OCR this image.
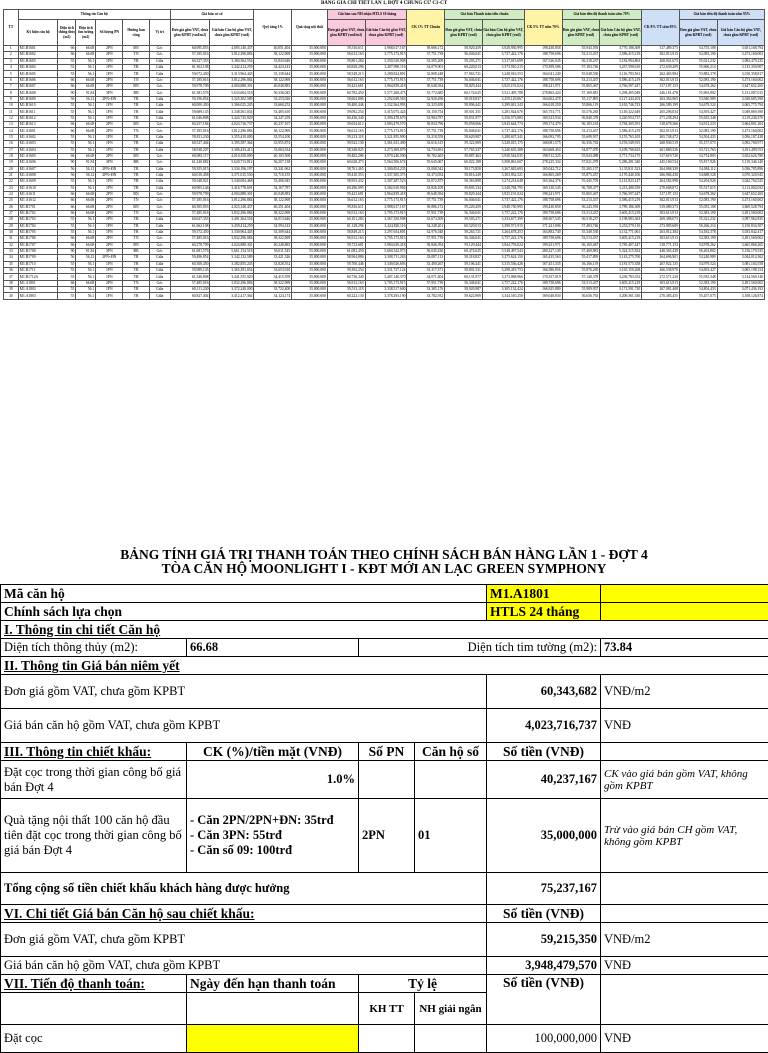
BẢNG GIÁ CHI TIẾT LẦN 1, ĐỢT 4 CHUNG CƯ C1-CT
TT	Thông tin Căn hộ						Giá bán cơ sở		Quỹ tăng 1%	Quà tặng nội thất	Giá bán sau NH nhận HTLS 18 tháng		CK 1% TT Chuẩn	Giá bán Thanh toán tiêu chuẩn		CK 5% TT sớm 70%	Giá bán tiền độ thanh toán sớm 70%		CK 8% TT sớm 95%	Giá bán tiền độ thanh toán sớm 95%	
	Ký hiệu căn hộ	Diện tích thông thủy (m2)	Diện tích tim tường (m2)	Số lượng PN	Hướng ban công	Vị trí	Đơn giá gồm VAT, chưa gồm KPBT (vnđ/m2)	Giá bán Căn hộ gồm VAT, chưa gồm KPBT (vnđ)			Đơn giá gồm VAT, chưa gồm KPBT (vnđ/m2)	Giá bán Căn hộ gồm VAT, chưa gồm KPBT (vnđ)		Đơn giá gồm VAT, chưa gồm KPBT (vnđ)	Giá bán Căn hộ gồm VAT, chưa gồm KPBT (vnđ)		Đơn giá gồm VAT, chưa gồm KPBT (vnđ)	Giá bán Căn hộ gồm VAT, chưa gồm KPBT (vnđ)		Đơn giá gồm VAT, chưa gồm KPBT (vnđ)	Giá bán Căn hộ gồm VAT, chưa gồm KPBT (vnđ)
1	M1.B1601	66	66.68	2PN	ĐN	Góc	60,095,053	4,005,140,437	40,051,404	35,000,000	59,516,611	3,968,617,167	39,686,172	58,920,459	3,928,930,995	198,430,858	55,943,593	3,770,186,309	317,489,373	54,755,108	3,651,168,794
2	M1.B1602	66	66.68	2PN	TN	Góc	57,185,016	3,812,296,884	38,122,969	35,000,000	56,612,163	3,775,173,915	37,751,739	56,046,041	3,737,422,176	188,758,696	53,213,437	3,586,415,219	302,013,913	52,083,190	3,473,160,002
3	M1.B1603	55	56.1	1PN	TB	Giữa	60,327,353	3,384,364,554	33,843,646	35,000,000	59,801,284	3,350,520,908	33,505,209	59,203,271	3,317,015,699	167,526,045	56,218,237	3,182,994,863	268,041,673	55,021,232	3,082,479,235
4	M1.B1604	55	56.1	1PN	TB	Giữa	61,362,108	3,442,414,259	34,424,143	35,000,000	60,828,296	3,407,990,116	34,079,901	60,220,013	3,373,910,215	170,399,506	57,183,746	3,237,590,610	272,639,209	55,966,214	3,135,350,907
5	M1.B1605	55	56.1	1PN	TB	Giữa	59,072,450	3,313,964,445	33,139,644	35,000,000	58,549,213	3,280,824,801	32,808,248	57,963,721	3,248,016,553	164,041,240	55,048,530	3,116,783,561	262,465,984	53,882,378	3,018,358,817
6	M1.B1606	66	66.68	2PN	TN	Góc	57,185,016	3,812,296,884	38,122,969	35,000,000	56,612,163	3,775,173,915	37,751,739	56,046,041	3,737,422,176	188,758,696	53,213,437	3,586,415,219	302,013,913	52,083,190	3,473,160,002
7	M1.B1607	66	66.68	2PN	ĐN	Góc	59,978,709	4,004,888,301	40,048,883	35,000,000	59,423,681	3,964,839,418	39,648,394	58,829,444	3,925,191,024	198,241,971	55,865,467	3,766,597,447	317,187,153	54,678,262	3,647,652,265
8	M1.B1608	90	91.84	3PN	ĐB	Góc	61,381,576	5,633,604,518	56,336,045	55,000,000	60,782,450	5,577,268,473	55,772,685	60,174,625	5,521,495,788	278,863,424	57,169,881	5,298,405,049	446,181,478	55,963,802	5,131,087,015
9	M1.B1609	56	56.12	2PN+ĐN	TB	Giữa	59,196,854	3,325,302,589	33,253,026	35,000,000	58,604,886	3,292,049,563	32,920,496	58,018,837	3,259,129,067	164,602,478	55,117,895	3,127,444,103	263,363,965	53,940,989	3,028,685,598
10	M1.B1610	55	56.1	1PN	TB	Giữa	60,000,450	3,366,025,245	33,660,252	35,000,000	59,400,446	3,332,364,993	33,323,650	58,806,441	3,299,041,343	166,618,250	55,866,119	3,165,746,743	266,589,199	54,679,524	3,065,775,794
11	M1.B1611	55	56.1	1PN	TB	Giữa	59,689,145	3,348,561,034	33,485,610	35,000,000	59,092,254	3,315,075,424	33,150,754	58,501,331	3,281,924,670	165,753,771	55,576,265	3,149,322,649	265,206,034	54,393,427	3,049,869,390
12	M1.B1612	55	56.1	1PN	TB	Giữa	61,046,808	3,424,725,929	34,247,259	35,000,000	60,436,340	3,390,478,670	33,904,787	59,831,977	3,356,573,883	169,523,934	56,840,378	3,220,954,737	271,238,294	55,635,348	3,119,240,376
13	M1.B1613	66	66.68	2PN	ĐN	Góc	60,257,184	4,023,716,737	40,237,167	35,000,000	59,654,612	3,983,479,570	39,834,796	59,058,066	3,943,644,774	199,174,479	56,105,163	3,784,305,591	318,678,366	54,912,233	3,664,801,204
14	M1.A1601	66	66.68	2PN	TN	Góc	57,185,016	3,812,296,884	38,122,969	35,000,000	56,612,163	3,775,173,915	37,751,739	56,046,041	3,737,422,176	188,758,696	53,213,437	3,586,415,219	302,013,913	52,083,190	3,473,160,002
15	M1.A1602	55	56.1	1PN	TB	Giữa	59,811,230	3,355,410,000	33,554,100	35,000,000	59,213,118	3,321,855,900	33,218,559	58,620,987	3,288,637,341	166,092,795	55,689,937	3,155,763,105	265,748,472	54,504,433	3,056,107,428
16	M1.A1603	55	56.1	1PN	TB	Giữa	60,527,404	3,395,587,364	33,955,874	35,000,000	59,922,130	3,361,631,490	33,616,315	59,322,909	3,328,015,175	168,081,575	56,356,763	3,193,549,915	268,930,519	55,157,073	3,092,700,971
17	M1.A1604	55	56.1	1PN	TB	Giữa	58,938,207	3,306,433,413	33,064,334	35,000,000	58,348,825	3,273,369,079	32,733,691	57,765,337	3,240,635,388	163,668,454	54,877,070	3,109,700,625	261,869,526	53,721,763	3,011,499,553
18	M1.A1605	66	66.68	2PN	ĐN	Góc	60,083,117	4,010,350,000	40,103,500	35,000,000	59,482,286	3,970,246,500	39,702,465	58,887,463	3,930,544,035	198,512,325	55,943,089	3,771,734,175	317,619,720	54,754,803	3,652,626,780
19	M1.A1606	90	91.84	3PN	ĐB	Góc	61,240,882	5,620,713,812	56,207,138	55,000,000	60,628,473	5,564,506,674	55,645,067	60,022,188	5,508,861,607	278,225,334	57,021,078	5,286,281,340	445,160,534	55,817,926	5,119,346,140
20	M1.A1607	56	56.12	2PN+ĐN	TB	Giữa	59,355,015	3,334,196,197	33,341,962	35,000,000	58,761,465	3,300,854,235	33,008,542	58,173,850	3,267,845,693	165,042,712	55,265,157	3,135,811,523	264,068,339	54,084,112	3,036,785,896
21	M1.A1608	56	56.12	2PN+ĐN	TB	Giữa	60,010,458	3,371,015,530	33,710,155	35,000,000	59,410,353	3,337,305,375	33,373,054	58,816,249	3,303,932,321	166,865,269	55,875,437	3,170,440,106	266,984,430	54,688,528	3,070,320,945
22	M1.A1609	55	56.1	1PN	TB	Giữa	59,548,921	3,340,694,468	33,406,945	35,000,000	58,953,432	3,307,287,523	33,072,875	58,363,898	3,274,214,648	165,364,376	55,445,703	3,141,923,147	264,582,998	54,294,926	3,042,704,525
23	M1.A1610	55	56.1	1PN	TB	Giữa	60,905,146	3,416,778,691	34,167,787	35,000,000	60,296,095	3,382,610,904	33,826,109	59,693,134	3,348,784,795	169,130,545	56,708,477	3,213,480,359	270,608,872	55,517,615	3,112,002,032
24	M1.A1611	66	66.68	2PN	ĐN	Góc	59,978,709	4,004,888,301	40,048,883	35,000,000	59,423,681	3,964,839,418	39,648,394	58,829,444	3,925,191,024	198,241,971	55,865,467	3,766,597,447	317,187,153	54,678,262	3,647,652,265
25	M1.A1612	66	66.68	2PN	TN	Góc	57,185,016	3,812,296,884	38,122,969	35,000,000	56,612,163	3,775,173,915	37,751,739	56,046,041	3,737,422,176	188,758,696	53,213,437	3,586,415,219	302,013,913	52,083,190	3,473,160,002
26	M1.B1701	66	66.68	2PN	ĐN	Góc	60,395,053	4,025,140,437	40,251,404	35,000,000	59,816,611	3,988,617,167	39,886,172	59,220,459	3,948,730,995	199,430,858	56,243,593	3,789,186,309	319,089,373	55,055,108	3,669,528,794
27	M1.B1702	66	66.68	2PN	TN	Góc	57,485,016	3,832,296,884	38,322,969	35,000,000	56,912,163	3,795,173,915	37,951,739	56,346,041	3,757,222,176	189,758,696	53,513,437	3,605,415,219	303,613,913	52,383,190	3,491,560,002
28	M1.B1703	55	56.1	1PN	TB	Giữa	60,627,353	3,401,364,554	34,013,646	35,000,000	60,101,284	3,367,350,908	33,673,509	59,503,271	3,333,677,399	168,367,545	56,518,237	3,198,983,363	269,388,073	55,321,232	3,097,962,835
29	M1.B1704	55	56.1	1PN	TB	Giữa	61,662,108	3,459,414,259	34,594,143	35,000,000	61,128,296	3,424,820,116	34,248,201	60,520,013	3,390,571,915	171,241,006	57,483,746	3,253,579,110	273,985,609	56,266,214	3,150,834,507
30	M1.B1705	55	56.1	1PN	TB	Giữa	59,372,450	3,330,964,445	33,309,644	35,000,000	58,849,213	3,297,654,801	32,976,548	58,263,721	3,264,678,253	164,882,740	55,348,530	3,132,771,061	263,812,384	54,182,378	3,033,842,417
31	M1.B1706	66	66.68	2PN	TN	Góc	57,485,016	3,832,296,884	38,322,969	35,000,000	56,912,163	3,795,173,915	37,951,739	56,346,041	3,757,222,176	189,758,696	53,513,437	3,605,415,219	303,613,913	52,383,190	3,491,560,002
32	M1.B1707	66	66.68	2PN	ĐN	Góc	60,278,709	4,024,888,301	40,248,883	35,000,000	59,723,681	3,984,639,418	39,846,394	59,129,444	3,944,793,024	199,231,971	56,165,467	3,785,407,447	318,771,153	54,978,262	3,665,868,265
33	M1.B1708	90	91.84	3PN	ĐB	Góc	61,681,576	5,661,154,518	56,611,545	55,000,000	61,082,450	5,604,542,973	56,045,430	60,474,625	5,548,497,543	280,227,149	57,469,881	5,324,315,824	448,363,438	56,263,802	5,156,179,535
34	M1.B1709	56	56.12	2PN+ĐN	TB	Giữa	59,496,854	3,342,132,589	33,421,326	35,000,000	58,904,886	3,308,711,263	33,087,113	58,318,837	3,275,624,150	165,435,563	55,417,895	3,143,275,700	264,696,901	54,240,989	3,044,014,362
35	M1.B1710	55	56.1	1PN	TB	Giữa	60,300,450	3,382,855,245	33,828,552	35,000,000	59,700,446	3,349,026,693	33,490,267	59,106,441	3,315,536,426	167,451,335	56,166,119	3,181,575,358	267,922,135	54,979,524	3,081,104,558
36	M1.B1711	55	56.1	1PN	TB	Giữa	59,989,145	3,365,391,034	33,653,910	35,000,000	59,392,254	3,331,737,124	33,317,371	58,801,331	3,298,419,753	166,586,856	55,876,265	3,165,150,268	266,538,970	54,693,427	3,065,198,154
37	M1.B1712A	55	56.1	1PN	TB	Giữa	61,346,808	3,441,555,929	34,415,559	35,000,000	60,736,340	3,407,140,370	34,071,404	60,131,977	3,373,068,966	170,357,019	57,140,378	3,236,783,352	272,571,230	55,935,348	3,134,569,140
38	M1.A1801	66	66.68	2PN	TN	Góc	57,485,016	3,832,296,884	38,322,969	35,000,000	56,912,163	3,795,173,915	37,951,739	56,346,041	3,757,222,176	189,758,696	53,513,437	3,605,415,219	303,613,913	52,383,190	3,491,560,002
39	M1.A1802	55	56.1	1PN	TB	Giữa	60,111,230	3,372,240,000	33,722,400	35,000,000	59,513,118	3,338,517,600	33,385,176	58,920,987	3,305,132,424	166,925,880	55,989,937	3,171,591,720	267,081,408	54,804,433	3,071,436,192
40	M1.A1803	55	56.1	1PN	TB	Giữa	60,827,404	3,412,417,364	34,124,174	35,000,000	60,222,130	3,378,293,190	33,782,932	59,622,909	3,344,510,258	169,040,830	56,656,763	3,209,361,330	270,383,455	55,457,073	3,108,126,874
BẢNG TÍNH GIÁ TRỊ THANH TOÁN THEO CHÍNH SÁCH BÁN HÀNG LẦN 1 - ĐỢT 4
TÒA CĂN HỘ MOONLIGHT I - KĐT MỚI AN LẠC GREEN SYMPHONY
Mã căn hộ				M1.A1801	
Chính sách lựa chọn				HTLS 24 tháng	
I. Thông tin chi tiết Căn hộ					
Diện tích thông thủy (m2):	66.68	Diện tích tim tường (m2):			73.84
II. Thông tin Giá bán niêm yết					
Đơn giá gồm VAT, chưa gồm KPBT				60,343,682	VNĐ/m2
Giá bán căn hộ gồm VAT, chưa gồm KPBT				4,023,716,737	VNĐ
III. Thông tin chiết khấu:	CK (%)/tiền mặt (VNĐ)	Số PN	Căn hộ số	Số tiền (VNĐ)	
Đặt cọc trong thời gian công bố giá bán Đợt 4	1.0%			40,237,167	CK vào giá bán gồm VAT, không gồm KPBT
Quà tặng nội thất 100 căn hộ đầu tiên đặt cọc trong thời gian công bố giá bán Đợt 4	- Căn 2PN/2PN+ĐN: 35trđ
- Căn 3PN: 55trđ
- Căn số 09: 100trđ	2PN	01	35,000,000	Trừ vào giá bán CH gồm VAT, không gồm KPBT
Tổng cộng số tiền chiết khấu khách hàng được hưởng				75,237,167	
VI. Chi tiết Giá bán Căn hộ sau chiết khấu:				Số tiền (VNĐ)	
Đơn giá gồm VAT, chưa gồm KPBT				59,215,350	VNĐ/m2
Giá bán căn hộ gồm VAT, chưa gồm KPBT				3,948,479,570	VNĐ
VII. Tiến độ thanh toán:	Ngày đến hạn thanh toán	Tỷ lệ		Số tiền (VNĐ)	
		KH TT	NH giải ngân		
Đặt cọc				100,000,000	VNĐ
